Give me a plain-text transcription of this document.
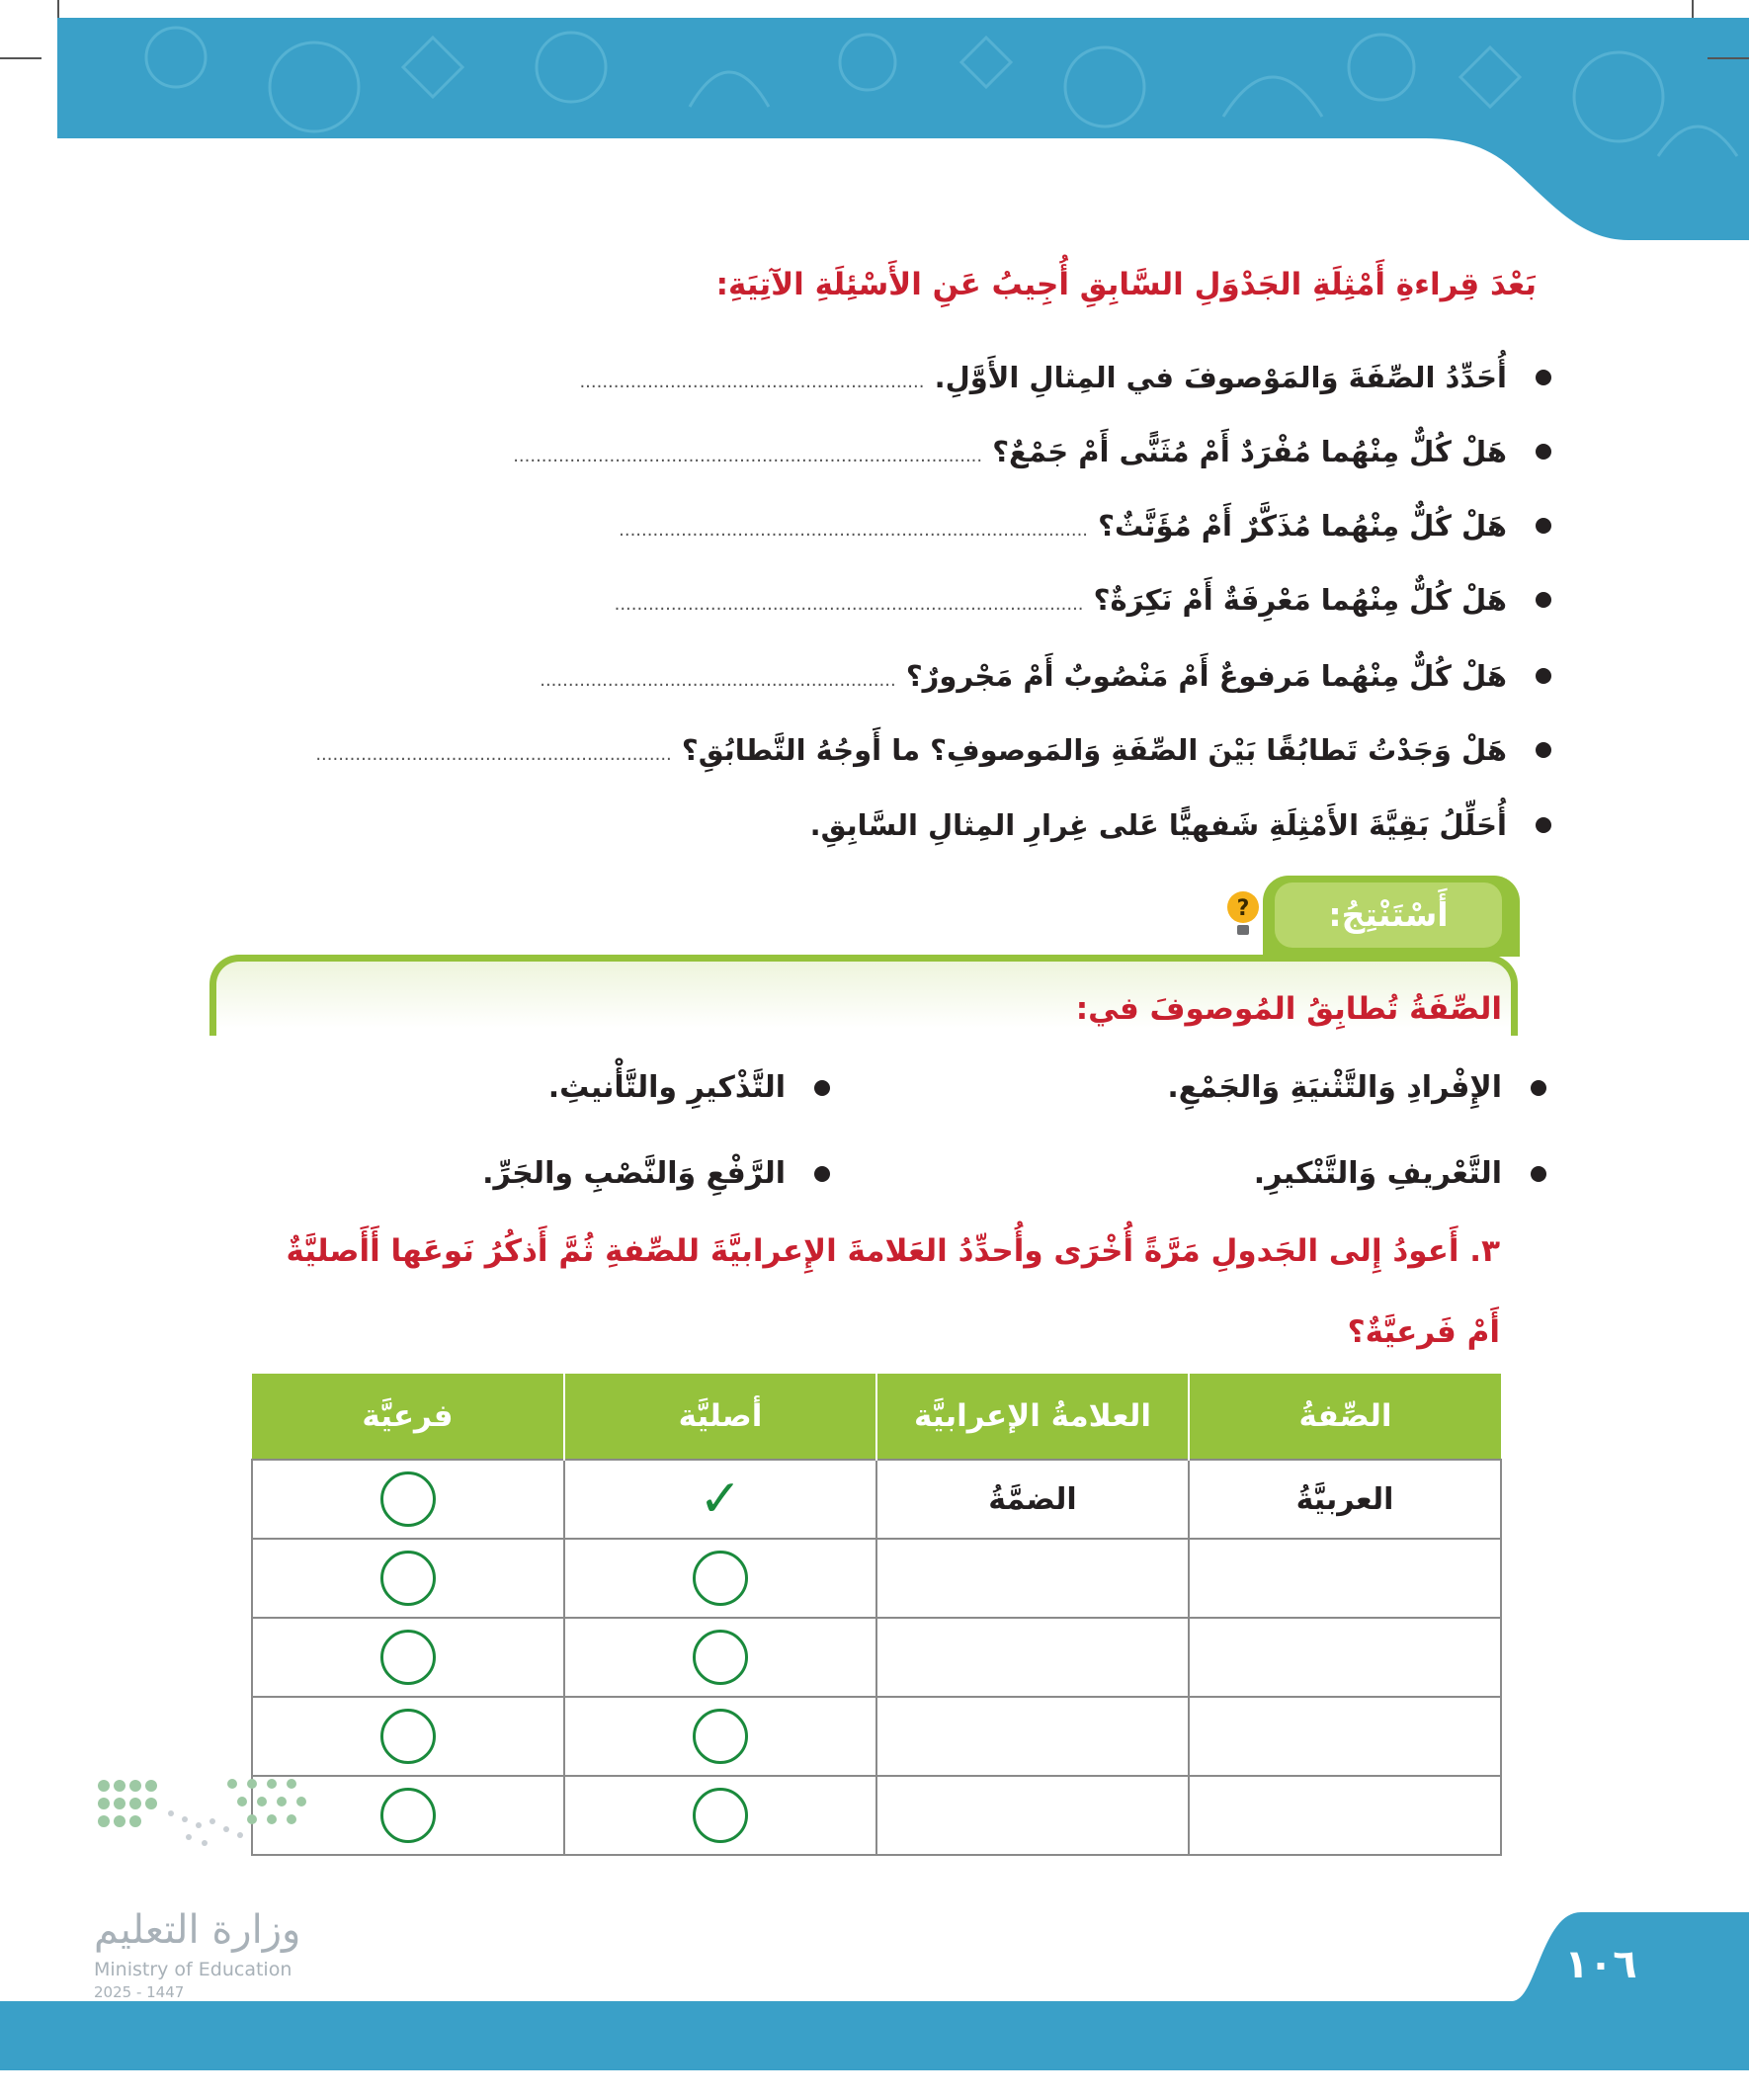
بَعْدَ قِراءةِ أَمْثِلَةِ الجَدْوَلِ السَّابِقِ أُجِيبُ عَنِ الأَسْئِلَةِ الآتِيَةِ:
أُحَدِّدُ الصِّفَةَ وَالمَوْصوفَ في المِثالِ الأَوَّلِ. .............................................................
هَلْ كُلٌّ مِنْهُما مُفْرَدٌ أَمْ مُثَنًّى أَمْ جَمْعٌ؟ ...................................................................................
هَلْ كُلٌّ مِنْهُما مُذَكَّرٌ أَمْ مُؤَنَّثٌ؟ ...................................................................................
هَلْ كُلٌّ مِنْهُما مَعْرِفَةٌ أَمْ نَكِرَةٌ؟ ...................................................................................
هَلْ كُلٌّ مِنْهُما مَرفوعٌ أَمْ مَنْصُوبٌ أَمْ مَجْرورٌ؟ ...............................................................
هَلْ وَجَدْتُ تَطابُقًا بَيْنَ الصِّفَةِ وَالمَوصوفِ؟ ما أَوجُهُ التَّطابُقِ؟ ...............................................................
أُحَلِّلُ بَقِيَّةَ الأَمْثِلَةِ شَفهيًّا عَلى غِرارِ المِثالِ السَّابِقِ.
أَسْتَنْتِجُ:
?
الصِّفَةُ تُطابِقُ المُوصوفَ في:
الإِفْرادِ وَالتَّثْنيَةِ وَالجَمْعِ.
التَّذْكيرِ والتَّأْنيثِ.
التَّعْريفِ وَالتَّنْكيرِ.
الرَّفْعِ وَالنَّصْبِ والجَرِّ.
٣. أَعودُ إِلى الجَدولِ مَرَّةً أُخْرَى وأُحدِّدُ العَلامةَ الإِعرابيَّةَ للصِّفةِ ثُمَّ أَذكُرُ نَوعَها أَأَصليَّةٌ
أَمْ فَرعيَّةٌ؟
الصِّفةُ	العلامةُ الإعرابيَّة	أصليَّة	فرعيَّة
العربيَّةُ	الضمَّةُ	✓	

وزارة التعليم
Ministry of Education
2025 - 1447
١٠٦
